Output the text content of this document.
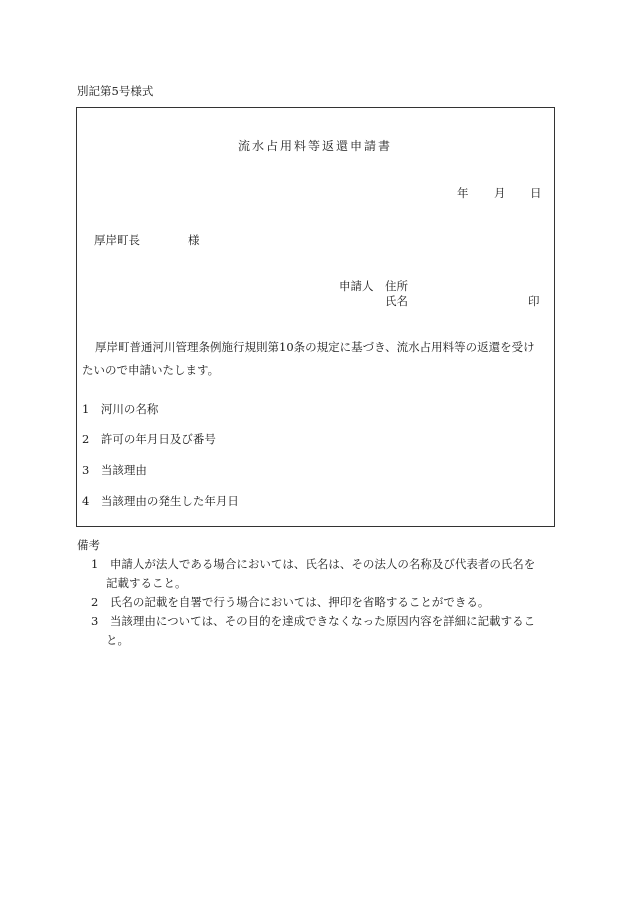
別記第5号様式
流水占用料等返還申請書
年 月 日
厚岸町長	様
申請人 住所
氏名	印
厚岸町普通河川管理条例施行規則第10条の規定に基づき、流水占用料等の返還を受け
たいので申請いたします。
1　河川の名称
2　許可の年月日及び番号
3　当該理由
4　当該理由の発生した年月日
備考
1　申請人が法人である場合においては、氏名は、その法人の名称及び代表者の氏名を
記載すること。
2　氏名の記載を自署で行う場合においては、押印を省略することができる。
3　当該理由については、その目的を達成できなくなった原因内容を詳細に記載するこ
と。
